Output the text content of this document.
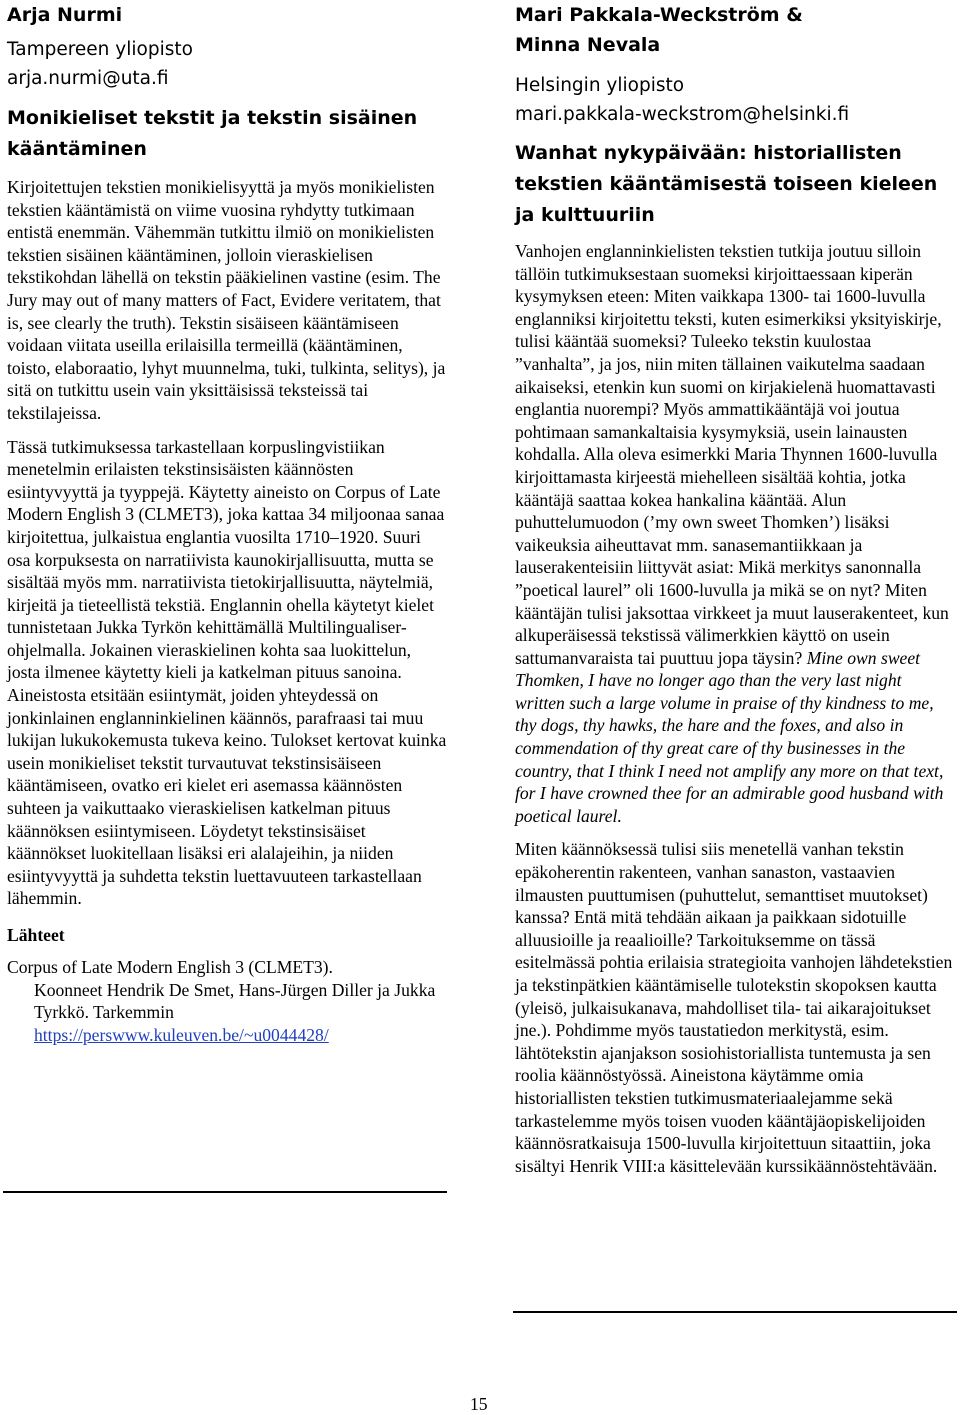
Arja Nurmi

Tampereen yliopisto

arja.nurmi@uta.fi

Monikieliset tekstit ja tekstin sisäinen kääntäminen

Kirjoitettujen tekstien monikielisyyttä ja myös monikielisten tekstien kääntämistä on viime vuosina ryhdytty tutkimaan entistä enemmän. Vähemmän tutkittu ilmiö on monikielisten tekstien sisäinen kääntäminen, jolloin vieraskielisen tekstikohdan lähellä on tekstin pääkielinen vastine (esim. The Jury may out of many matters of Fact, Evidere veritatem, that is, see clearly the truth). Tekstin sisäiseen kääntämiseen voidaan viitata useilla erilaisilla termeillä (kääntäminen, toisto, elaboraatio, lyhyt muunnelma, tuki, tulkinta, selitys), ja sitä on tutkittu usein vain yksittäisissä teksteissä tai tekstilajeissa.

Tässä tutkimuksessa tarkastellaan korpuslingvistiikan menetelmin erilaisten tekstinsisäisten käännösten esiintyvyyttä ja tyyppejä. Käytetty aineisto on Corpus of Late Modern English 3 (CLMET3), joka kattaa 34 miljoonaa sanaa kirjoitettua, julkaistua englantia vuosilta 1710–1920. Suuri osa korpuksesta on narratiivista kaunokirjallisuutta, mutta se sisältää myös mm. narratiivista tietokirjallisuutta, näytelmiä, kirjeitä ja tieteellistä tekstiä. Englannin ohella käytetyt kielet tunnistetaan Jukka Tyrkön kehittämällä Multilingualiser-ohjelmalla. Jokainen vieraskielinen kohta saa luokittelun, josta ilmenee käytetty kieli ja katkelman pituus sanoina. Aineistosta etsitään esiintymät, joiden yhteydessä on jonkinlainen englanninkielinen käännös, parafraasi tai muu lukijan lukukokemusta tukeva keino. Tulokset kertovat kuinka usein monikieliset tekstit turvautuvat tekstinsisäiseen kääntämiseen, ovatko eri kielet eri asemassa käännösten suhteen ja vaikuttaako vieraskielisen katkelman pituus käännöksen esiintymiseen. Löydetyt tekstinsisäiset käännökset luokitellaan lisäksi eri alalajeihin, ja niiden esiintyvyyttä ja suhdetta tekstin luettavuuteen tarkastellaan lähemmin.

Lähteet

Corpus of Late Modern English 3 (CLMET3).
Koonneet Hendrik De Smet, Hans-Jürgen Diller ja Jukka Tyrkkö. Tarkemmin https://perswww.kuleuven.be/~u0044428/

Mari Pakkala-Weckström &

Minna Nevala

Helsingin yliopisto

mari.pakkala-weckstrom@helsinki.fi

Wanhat nykypäivään: historiallisten tekstien kääntämisestä toiseen kieleen ja kulttuuriin

Vanhojen englanninkielisten tekstien tutkija joutuu silloin tällöin tutkimuksestaan suomeksi kirjoittaessaan kiperän kysymyksen eteen: Miten vaikkapa 1300- tai 1600-luvulla englanniksi kirjoitettu teksti, kuten esimerkiksi yksityiskirje, tulisi kääntää suomeksi? Tuleeko tekstin kuulostaa ”vanhalta”, ja jos, niin miten tällainen vaikutelma saadaan aikaiseksi, etenkin kun suomi on kirjakielenä huomattavasti englantia nuorempi? Myös ammattikääntäjä voi joutua pohtimaan samankaltaisia kysymyksiä, usein lainausten kohdalla. Alla oleva esimerkki Maria Thynnen 1600-luvulla kirjoittamasta kirjeestä miehelleen sisältää kohtia, jotka kääntäjä saattaa kokea hankalina kääntää. Alun puhuttelumuodon (’my own sweet Thomken’) lisäksi vaikeuksia aiheuttavat mm. sanasemantiikkaan ja lauserakenteisiin liittyvät asiat: Mikä merkitys sanonnalla ”poetical laurel” oli 1600-luvulla ja mikä se on nyt? Miten kääntäjän tulisi jaksottaa virkkeet ja muut lauserakenteet, kun alkuperäisessä tekstissä välimerkkien käyttö on usein sattumanvaraista tai puuttuu jopa täysin? Mine own sweet Thomken, I have no longer ago than the very last night written such a large volume in praise of thy kindness to me, thy dogs, thy hawks, the hare and the foxes, and also in commendation of thy great care of thy businesses in the country, that I think I need not amplify any more on that text, for I have crowned thee for an admirable good husband with poetical laurel.

Miten käännöksessä tulisi siis menetellä vanhan tekstin epäkoherentin rakenteen, vanhan sanaston, vastaavien ilmausten puuttumisen (puhuttelut, semanttiset muutokset) kanssa? Entä mitä tehdään aikaan ja paikkaan sidotuille alluusioille ja reaalioille? Tarkoituksemme on tässä esitelmässä pohtia erilaisia strategioita vanhojen lähdetekstien ja tekstinpätkien kääntämiselle tulotekstin skopoksen kautta (yleisö, julkaisukanava, mahdolliset tila- tai aikarajoitukset jne.). Pohdimme myös taustatiedon merkitystä, esim. lähtötekstin ajanjakson sosiohistoriallista tuntemusta ja sen roolia käännöstyössä. Aineistona käytämme omia historiallisten tekstien tutkimusmateriaalejamme sekä tarkastelemme myös toisen vuoden kääntäjäopiskelijoiden käännösratkaisuja 1500-luvulla kirjoitettuun sitaattiin, joka sisältyi Henrik VIII:a käsittelevään kurssikäännöstehtävään.

15
